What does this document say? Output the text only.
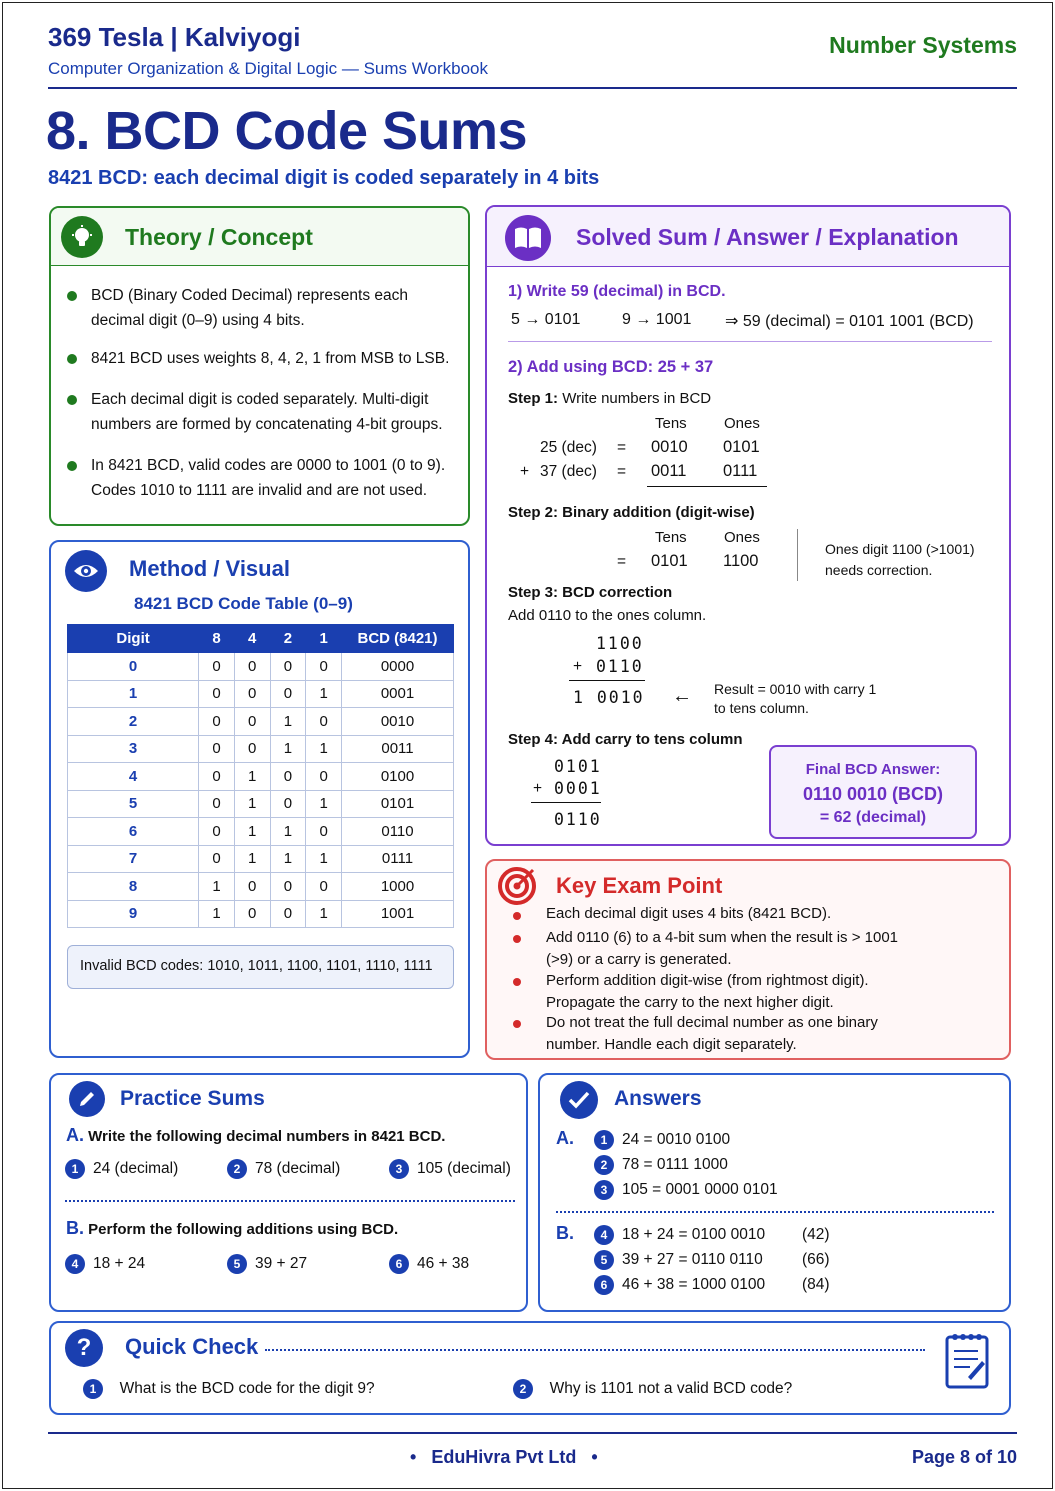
369 Tesla | Kalviyogi
Computer Organization & Digital Logic — Sums Workbook
Number Systems
8. BCD Code Sums
8421 BCD: each decimal digit is coded separately in 4 bits
Theory / Concept
BCD (Binary Coded Decimal) represents each
decimal digit (0–9) using 4 bits.
8421 BCD uses weights 8, 4, 2, 1 from MSB to LSB.
Each decimal digit is coded separately. Multi-digit
numbers are formed by concatenating 4-bit groups.
In 8421 BCD, valid codes are 0000 to 1001 (0 to 9).
Codes 1010 to 1111 are invalid and are not used.
Method / Visual
8421 BCD Code Table (0–9)
Digit	8	4	2	1	BCD (8421)
0	0	0	0	0	0000
1	0	0	0	1	0001
2	0	0	1	0	0010
3	0	0	1	1	0011
4	0	1	0	0	0100
5	0	1	0	1	0101
6	0	1	1	0	0110
7	0	1	1	1	0111
8	1	0	0	0	1000
9	1	0	0	1	1001
Invalid BCD codes: 1010, 1011, 1100, 1101, 1110, 1111
Solved Sum / Answer / Explanation
1) Write 59 (decimal) in BCD.
5 → 0101	9 → 1001 ⇒ 59 (decimal) = 0101 1001 (BCD)
2) Add using BCD: 25 + 37
Step 1: Write numbers in BCD
Tens Ones
25 (dec) = 0010 0101
+ 37 (dec) = 0011 0111
Step 2: Binary addition (digit-wise)
Tens Ones
= 0101 1100
Ones digit 1100 (>1001)
needs correction.
Step 3: BCD correction
Add 0110 to the ones column.
1100
+ 0110
1 0010 ← Result = 0010 with carry 1
to tens column.
Step 4: Add carry to tens column
0101
+ 0001
0110
Final BCD Answer:
0110 0010 (BCD)
= 62 (decimal)
Key Exam Point
Each decimal digit uses 4 bits (8421 BCD).
Add 0110 (6) to a 4-bit sum when the result is > 1001
(>9) or a carry is generated.
Perform addition digit-wise (from rightmost digit).
Propagate the carry to the next higher digit.
Do not treat the full decimal number as one binary
number. Handle each digit separately.
Practice Sums
A. Write the following decimal numbers in 8421 BCD.
1 24 (decimal)	2 78 (decimal)	3 105 (decimal)
B. Perform the following additions using BCD.
4 18 + 24	5 39 + 27	6 46 + 38
Answers
A.	1 24 = 0010 0100
2 78 = 0111 1000
3 105 = 0001 0000 0101
B.	4 18 + 24 = 0100 0010 (42)
5 39 + 27 = 0110 0110	(66)
6 46 + 38 = 1000 0100 (84)
?	Quick Check
1 What is the BCD code for the digit 9?	2 Why is 1101 not a valid BCD code?
•   EduHivra Pvt Ltd   •	Page 8 of 10
